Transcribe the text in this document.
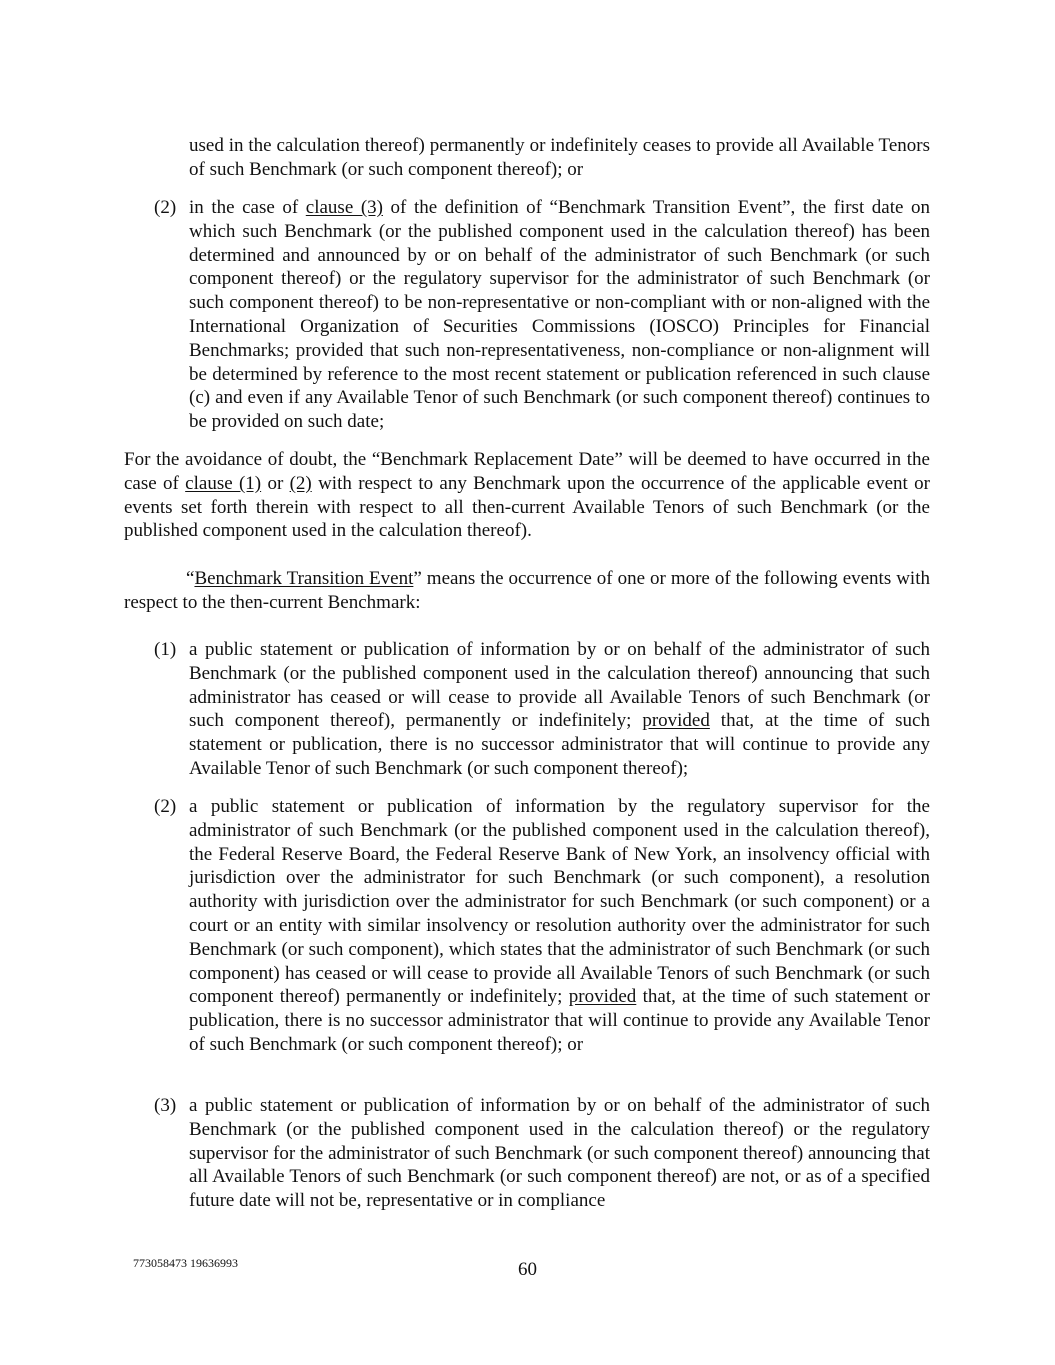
used in the calculation thereof) permanently or indefinitely ceases to provide all Available Tenors of such Benchmark (or such component thereof); or

(2) in the case of clause (3) of the definition of “Benchmark Transition Event”, the first date on which such Benchmark (or the published component used in the calculation thereof) has been determined and announced by or on behalf of the administrator of such Benchmark (or such component thereof) or the regulatory supervisor for the administrator of such Benchmark (or such component thereof) to be non-representative or non-compliant with or non-aligned with the International Organization of Securities Commissions (IOSCO) Principles for Financial Benchmarks; provided that such non-representativeness, non-compliance or non-alignment will be determined by reference to the most recent statement or publication referenced in such clause (c) and even if any Available Tenor of such Benchmark (or such component thereof) continues to be provided on such date;

For the avoidance of doubt, the “Benchmark Replacement Date” will be deemed to have occurred in the case of clause (1) or (2) with respect to any Benchmark upon the occurrence of the applicable event or events set forth therein with respect to all then-current Available Tenors of such Benchmark (or the published component used in the calculation thereof).

“Benchmark Transition Event” means the occurrence of one or more of the following events with respect to the then-current Benchmark:

(1) a public statement or publication of information by or on behalf of the administrator of such Benchmark (or the published component used in the calculation thereof) announcing that such administrator has ceased or will cease to provide all Available Tenors of such Benchmark (or such component thereof), permanently or indefinitely; provided that, at the time of such statement or publication, there is no successor administrator that will continue to provide any Available Tenor of such Benchmark (or such component thereof);
(2) a public statement or publication of information by the regulatory supervisor for the administrator of such Benchmark (or the published component used in the calculation thereof), the Federal Reserve Board, the Federal Reserve Bank of New York, an insolvency official with jurisdiction over the administrator for such Benchmark (or such component), a resolution authority with jurisdiction over the administrator for such Benchmark (or such component) or a court or an entity with similar insolvency or resolution authority over the administrator for such Benchmark (or such component), which states that the administrator of such Benchmark (or such component) has ceased or will cease to provide all Available Tenors of such Benchmark (or such component thereof) permanently or indefinitely; provided that, at the time of such statement or publication, there is no successor administrator that will continue to provide any Available Tenor of such Benchmark (or such component thereof); or
(3) a public statement or publication of information by or on behalf of the administrator of such Benchmark (or the published component used in the calculation thereof) or the regulatory supervisor for the administrator of such Benchmark (or such component thereof) announcing that all Available Tenors of such Benchmark (or such component thereof) are not, or as of a specified future date will not be, representative or in compliance
773058473 19636993	60
